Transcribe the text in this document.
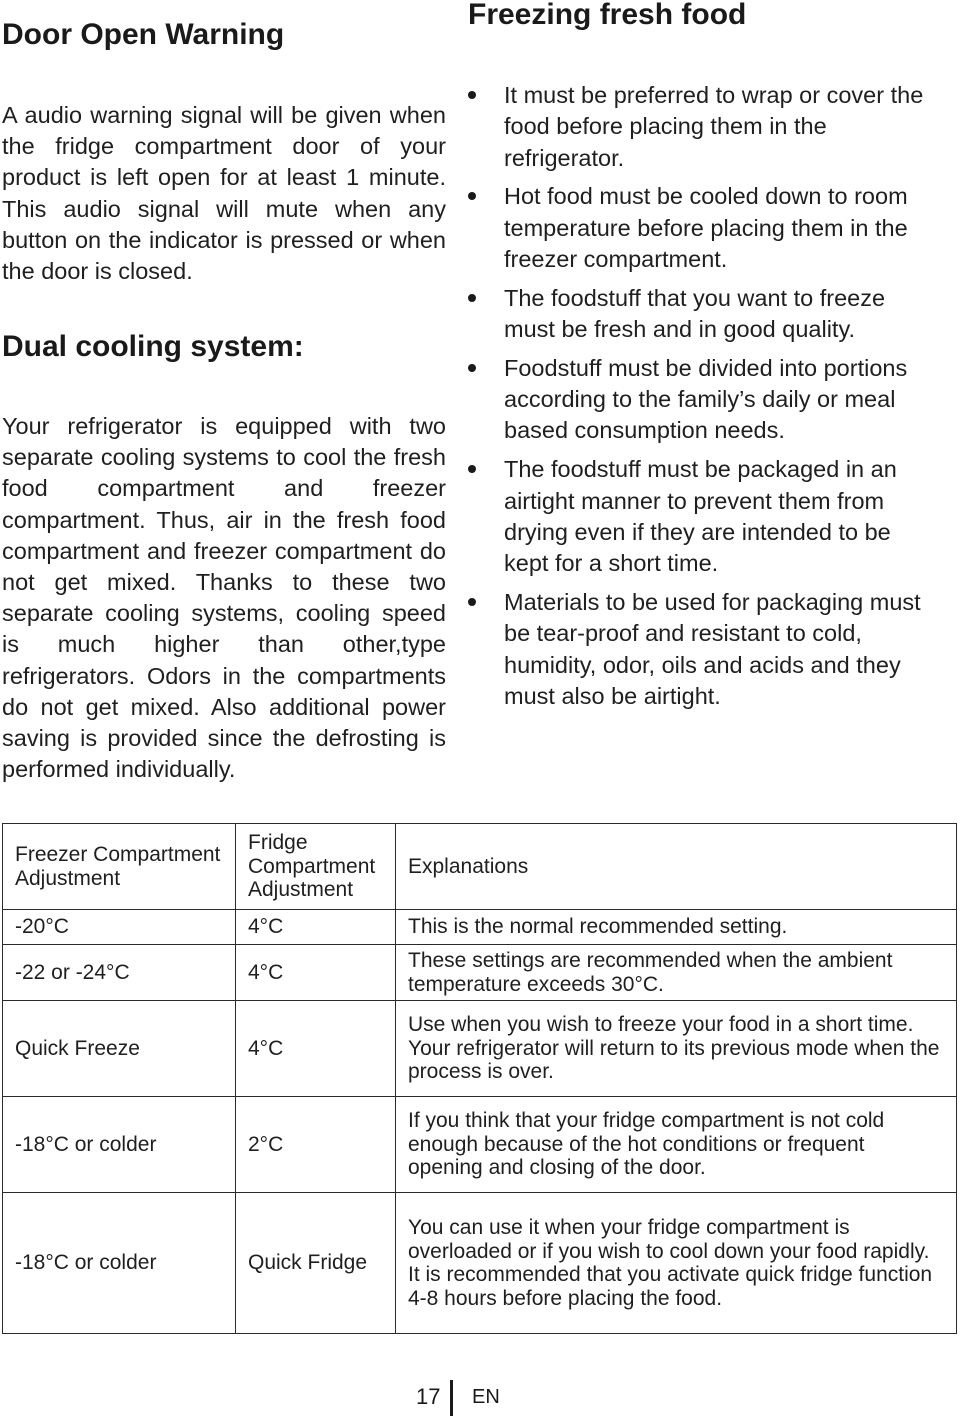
Door Open Warning

A audio warning signal will be given when the fridge compartment door of your product is left open for at least 1 minute. This audio signal will mute when any button on the indicator is pressed or when the door is closed.

Dual cooling system:

Your refrigerator is equipped with two separate cooling systems to cool the fresh food compartment and freezer compartment. Thus, air in the fresh food compartment and freezer compartment do not get mixed. Thanks to these two separate cooling systems, cooling speed is much higher than other,type refrigerators. Odors in the compartments do not get mixed. Also additional power saving is provided since the defrosting is performed individually.

Freezing fresh food
It must be preferred to wrap or cover the food before placing them in the refrigerator.
Hot food must be cooled down to room temperature before placing them in the freezer compartment.
The foodstuff that you want to freeze must be fresh and in good quality.
Foodstuff must be divided into portions according to the family’s daily or meal based consumption needs.
The foodstuff must be packaged in an airtight manner to prevent them from drying even if they are intended to be kept for a short time.
Materials to be used for packaging must be tear-proof and resistant to cold, humidity, odor, oils and acids and they must also be airtight.
Freezer Compartment Adjustment	Fridge Compartment Adjustment	Explanations
-20°C	4°C	This is the normal recommended setting.
-22 or -24°C	4°C	These settings are recommended when the ambient temperature exceeds 30°C.
Quick Freeze	4°C	Use when you wish to freeze your food in a short time. Your refrigerator will return to its previous mode when the process is over.
-18°C or colder	2°C	If you think that your fridge compartment is not cold enough because of the hot conditions or frequent opening and closing of the door.
-18°C or colder	Quick Fridge	You can use it when your fridge compartment is overloaded or if you wish to cool down your food rapidly. It is recommended that you activate quick fridge function 4-8 hours before placing the food.
17 EN
